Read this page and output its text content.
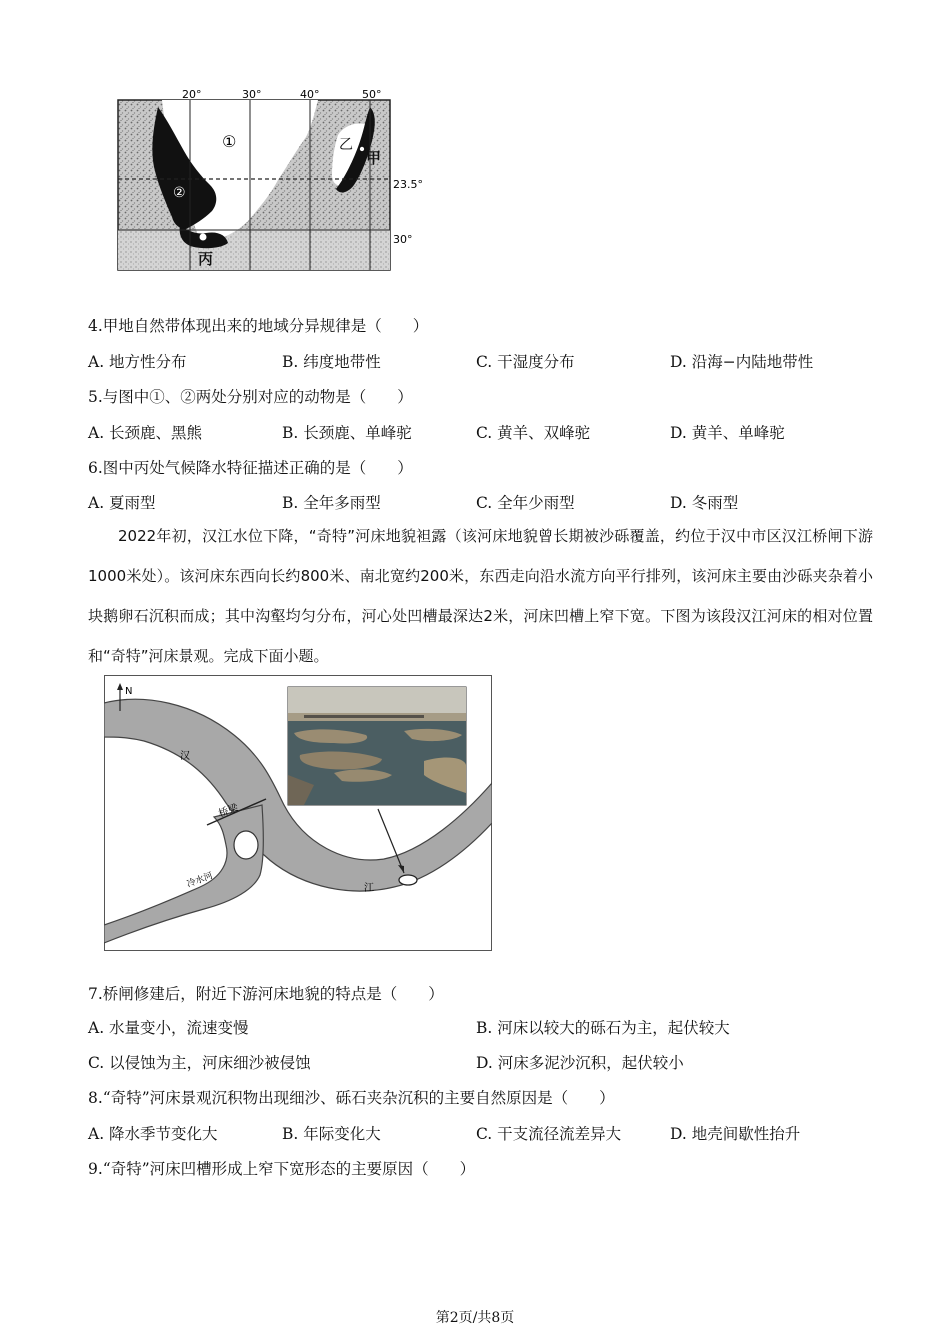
①
②
乙
甲
丙
20°	30°	40°	50°
23.5°
30°
4.甲地自然带体现出来的地域分异规律是（　　）
A. 地方性分布	B. 纬度地带性	C. 干湿度分布	D. 沿海−内陆地带性
5.与图中①、②两处分别对应的动物是（　　）
A. 长颈鹿、黑熊	B. 长颈鹿、单峰驼	C. 黄羊、双峰驼	D. 黄羊、单峰驼
6.图中丙处气候降水特征描述正确的是（　　）
A. 夏雨型	B. 全年多雨型	C. 全年少雨型	D. 冬雨型
2022年初，汉江水位下降，“奇特”河床地貌袒露（该河床地貌曾长期被沙砾覆盖，约位于汉中市区汉江桥闸下游1000米处）。该河床东西向长约800米、南北宽约200米，东西走向沿水流方向平行排列，该河床主要由沙砾夹杂着小块鹅卵石沉积而成；其中沟壑均匀分布，河心处凹槽最深达2米，河床凹槽上窄下宽。下图为该段汉江河床的相对位置和“奇特”河床景观。完成下面小题。
N
汉
江
桥梁
冷水河
7.桥闸修建后，附近下游河床地貌的特点是（　　）
A. 水量变小，流速变慢	B. 河床以较大的砾石为主，起伏较大
C. 以侵蚀为主，河床细沙被侵蚀	D. 河床多泥沙沉积，起伏较小
8.“奇特”河床景观沉积物出现细沙、砾石夹杂沉积的主要自然原因是（　　）
A. 降水季节变化大	B. 年际变化大	C. 干支流径流差异大	D. 地壳间歇性抬升
9.“奇特”河床凹槽形成上窄下宽形态的主要原因（　　）
第2页/共8页
